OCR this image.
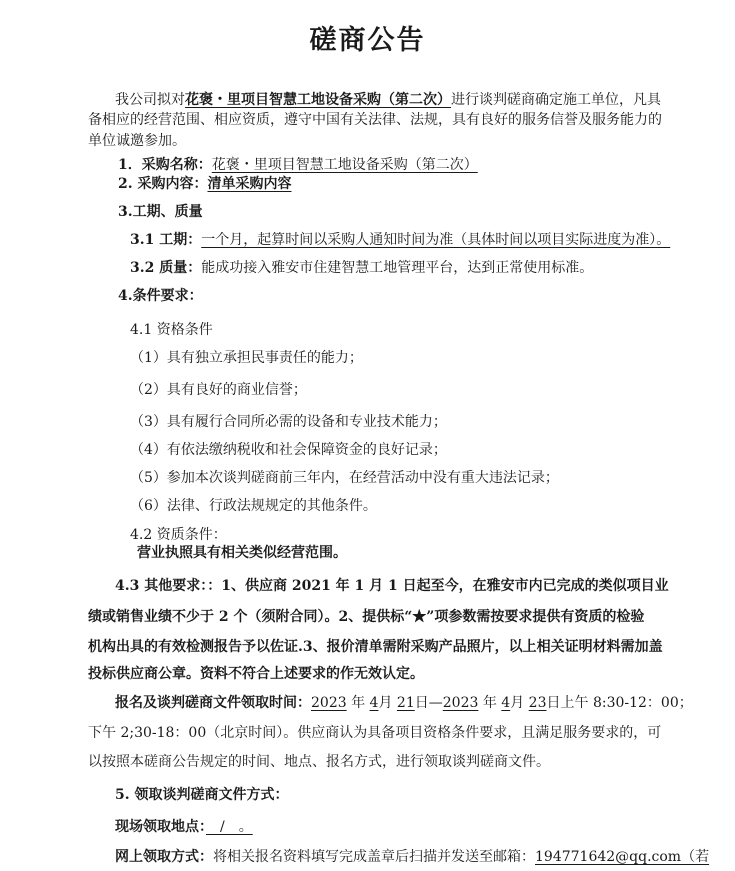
磋商公告
我公司拟对花褒・里项目智慧工地设备采购（第二次）进行谈判磋商确定施工单位，凡具
备相应的经营范围、相应资质，遵守中国有关法律、法规，具有良好的服务信誉及服务能力的
单位诚邀参加。
1．采购名称：花褒・里项目智慧工地设备采购（第二次）
2. 采购内容：清单采购内容
3.工期、质量
3.1 工期：一个月，起算时间以采购人通知时间为准（具体时间以项目实际进度为准）。
3.2 质量：能成功接入雅安市住建智慧工地管理平台，达到正常使用标准。
4.条件要求：
4.1 资格条件
（1）具有独立承担民事责任的能力；
（2）具有良好的商业信誉；
（3）具有履行合同所必需的设备和专业技术能力；
（4）有依法缴纳税收和社会保障资金的良好记录；
（5）参加本次谈判磋商前三年内，在经营活动中没有重大违法记录；
（6）法律、行政法规规定的其他条件。
4.2 资质条件：
营业执照具有相关类似经营范围。
4.3 其他要求：：1、供应商 2021 年 1 月 1 日起至今，在雅安市内已完成的类似项目业
绩或销售业绩不少于 2 个（须附合同）。2、提供标“★”项参数需按要求提供有资质的检验
机构出具的有效检测报告予以佐证.3、报价清单需附采购产品照片，以上相关证明材料需加盖
投标供应商公章。资料不符合上述要求的作无效认定。
报名及谈判磋商文件领取时间：2023 年 4月 21日—2023 年 4月 23日上午 8:30-12：00；
下午 2;30-18：00（北京时间）。供应商认为具备项目资格条件要求，且满足服务要求的，可
以按照本磋商公告规定的时间、地点、报名方式，进行领取谈判磋商文件。
5. 领取谈判磋商文件方式：
现场领取地点：　/　。
网上领取方式：将相关报名资料填写完成盖章后扫描并发送至邮箱：194771642@qq.com（若
